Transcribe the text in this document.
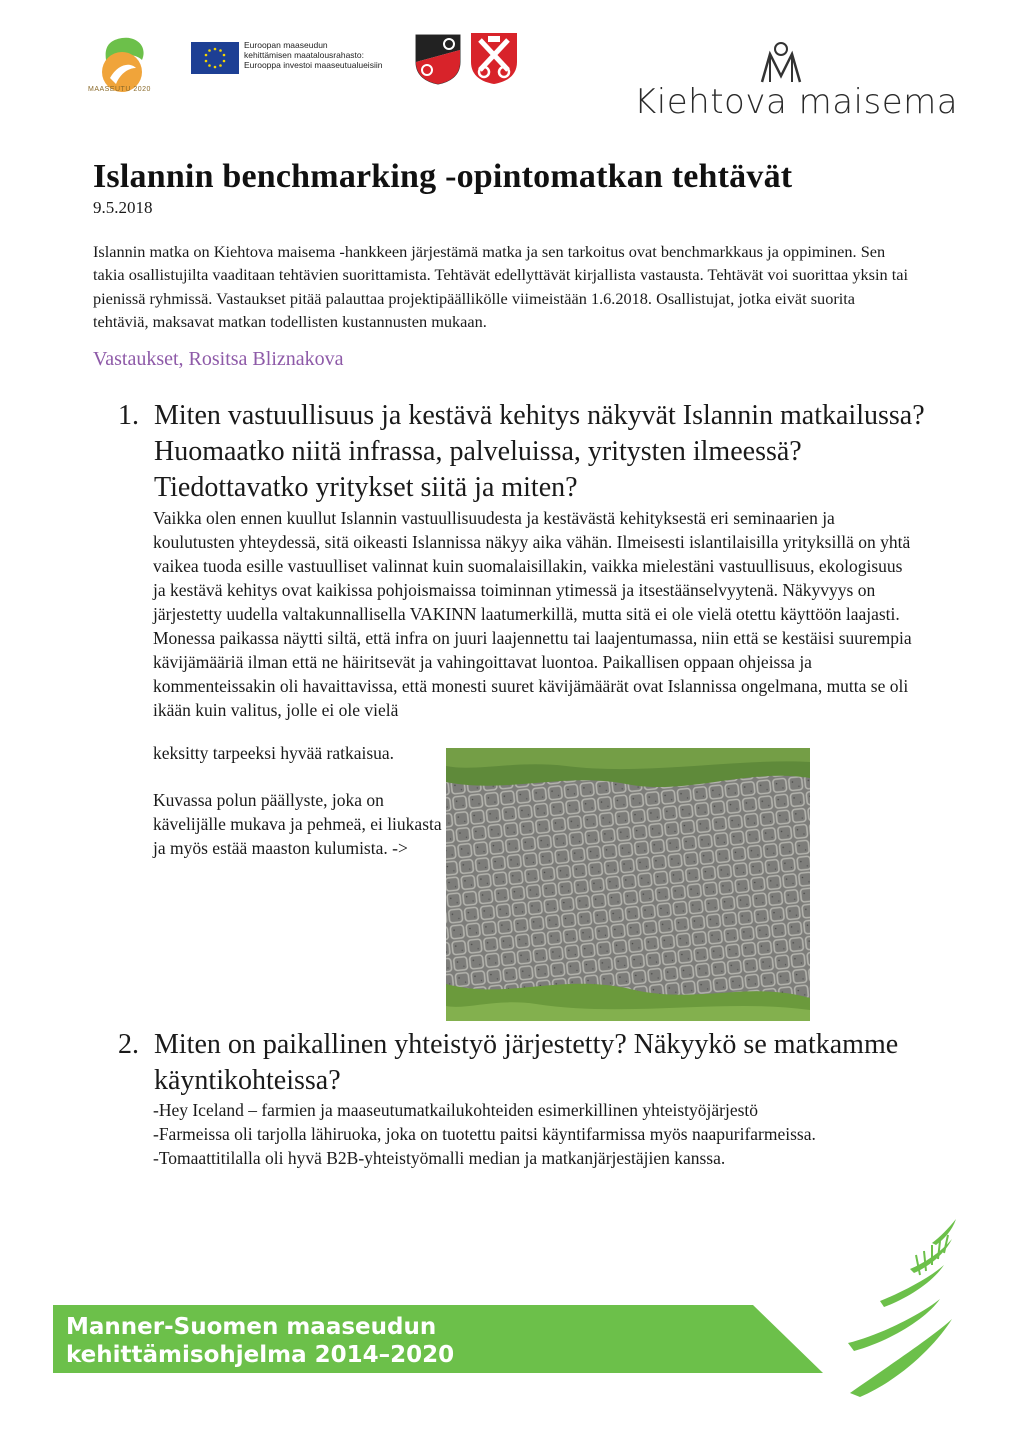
MAASEUTU 2020
Euroopan maaseudun
kehittämisen maatalousrahasto:
Eurooppa investoi maaseutualueisiin
Kiehtova maisema
Islannin benchmarking -opintomatkan tehtävät
9.5.2018
Islannin matka on Kiehtova maisema -hankkeen järjestämä matka ja sen tarkoitus ovat benchmarkkaus ja oppiminen. Sen takia osallistujilta vaaditaan tehtävien suorittamista. Tehtävät edellyttävät kirjallista vastausta. Tehtävät voi suorittaa yksin tai pienissä ryhmissä. Vastaukset pitää palauttaa projektipäällikölle viimeistään 1.6.2018. Osallistujat, jotka eivät suorita tehtäviä, maksavat matkan todellisten kustannusten mukaan.
Vastaukset, Rositsa Bliznakova
1. Miten vastuullisuus ja kestävä kehitys näkyvät Islannin matkailussa? Huomaatko niitä infrassa, palveluissa, yritysten ilmeessä? Tiedottavatko yritykset siitä ja miten?
Vaikka olen ennen kuullut Islannin vastuullisuudesta ja kestävästä kehityksestä eri seminaarien ja koulutusten yhteydessä, sitä oikeasti Islannissa näkyy aika vähän. Ilmeisesti islantilaisilla yrityksillä on yhtä vaikea tuoda esille vastuulliset valinnat kuin suomalaisillakin, vaikka mielestäni vastuullisuus, ekologisuus ja kestävä kehitys ovat kaikissa pohjoismaissa toiminnan ytimessä ja itsestäänselvyytenä. Näkyvyys on järjestetty uudella valtakunnallisella VAKINN laatumerkillä, mutta sitä ei ole vielä otettu käyttöön laajasti. Monessa paikassa näytti siltä, että infra on juuri laajennettu tai laajentumassa, niin että se kestäisi suurempia kävijämääriä ilman että ne häiritsevät ja vahingoittavat luontoa. Paikallisen oppaan ohjeissa ja kommenteissakin oli havaittavissa, että monesti suuret kävijämäärät ovat Islannissa ongelmana, mutta se oli ikään kuin valitus, jolle ei ole vielä
keksitty tarpeeksi hyvää ratkaisua.
Kuvassa polun päällyste, joka on kävelijälle mukava ja pehmeä, ei liukasta ja myös estää maaston kulumista. ->
2. Miten on paikallinen yhteistyö järjestetty? Näkyykö se matkamme käyntikohteissa?
-Hey Iceland – farmien ja maaseutumatkailukohteiden esimerkillinen yhteistyöjärjestö
-Farmeissa oli tarjolla lähiruoka, joka on tuotettu paitsi käyntifarmissa myös naapurifarmeissa.
-Tomaattitilalla oli hyvä B2B-yhteistyömalli median ja matkanjärjestäjien kanssa.
Manner-Suomen maaseudun
kehittämisohjelma 2014–2020
